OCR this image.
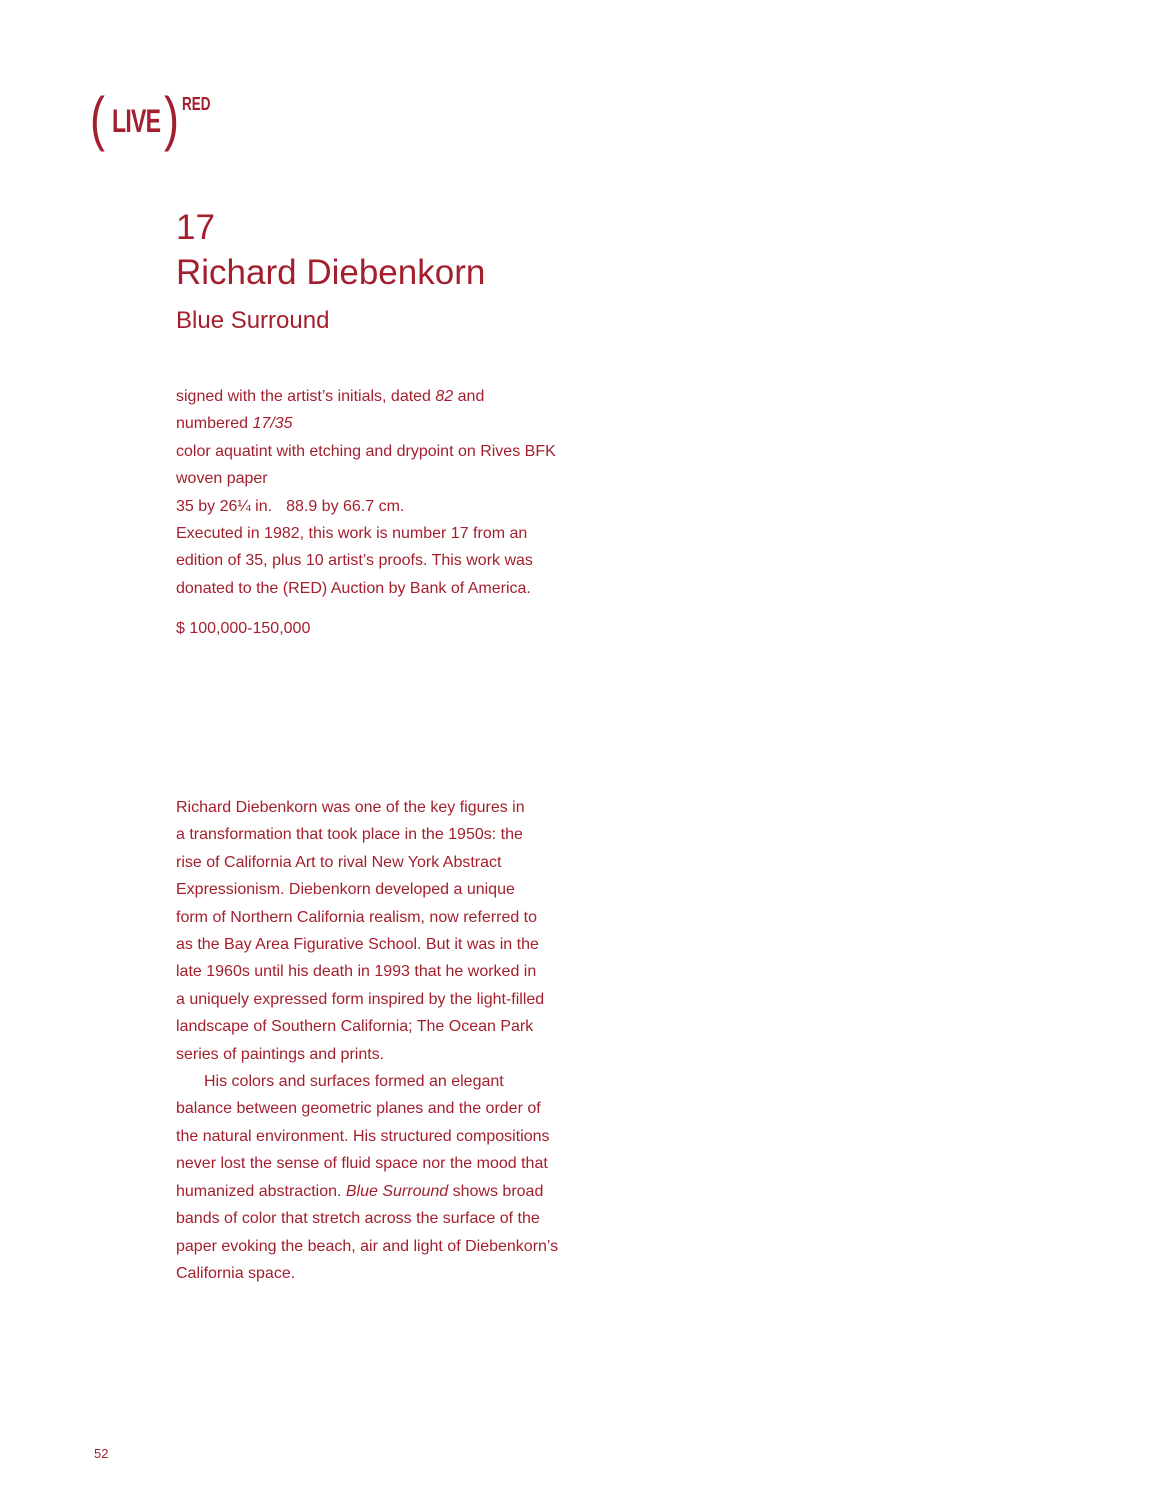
( LIVE ) RED
17
Richard Diebenkorn
Blue Surround

signed with the artist’s initials, dated 82 and

numbered 17/35

color aquatint with etching and drypoint on Rives BFK

woven paper

35 by 26¼ in. 88.9 by 66.7 cm.

Executed in 1982, this work is number 17 from an

edition of 35, plus 10 artist’s proofs. This work was

donated to the (RED) Auction by Bank of America.

$ 100,000-150,000

Richard Diebenkorn was one of the key figures in

a transformation that took place in the 1950s: the

rise of California Art to rival New York Abstract

Expressionism. Diebenkorn developed a unique

form of Northern California realism, now referred to

as the Bay Area Figurative School. But it was in the

late 1960s until his death in 1993 that he worked in

a uniquely expressed form inspired by the light-filled

landscape of Southern California; The Ocean Park

series of paintings and prints.

His colors and surfaces formed an elegant

balance between geometric planes and the order of

the natural environment. His structured compositions

never lost the sense of fluid space nor the mood that

humanized abstraction. Blue Surround shows broad

bands of color that stretch across the surface of the

paper evoking the beach, air and light of Diebenkorn’s

California space.

52
